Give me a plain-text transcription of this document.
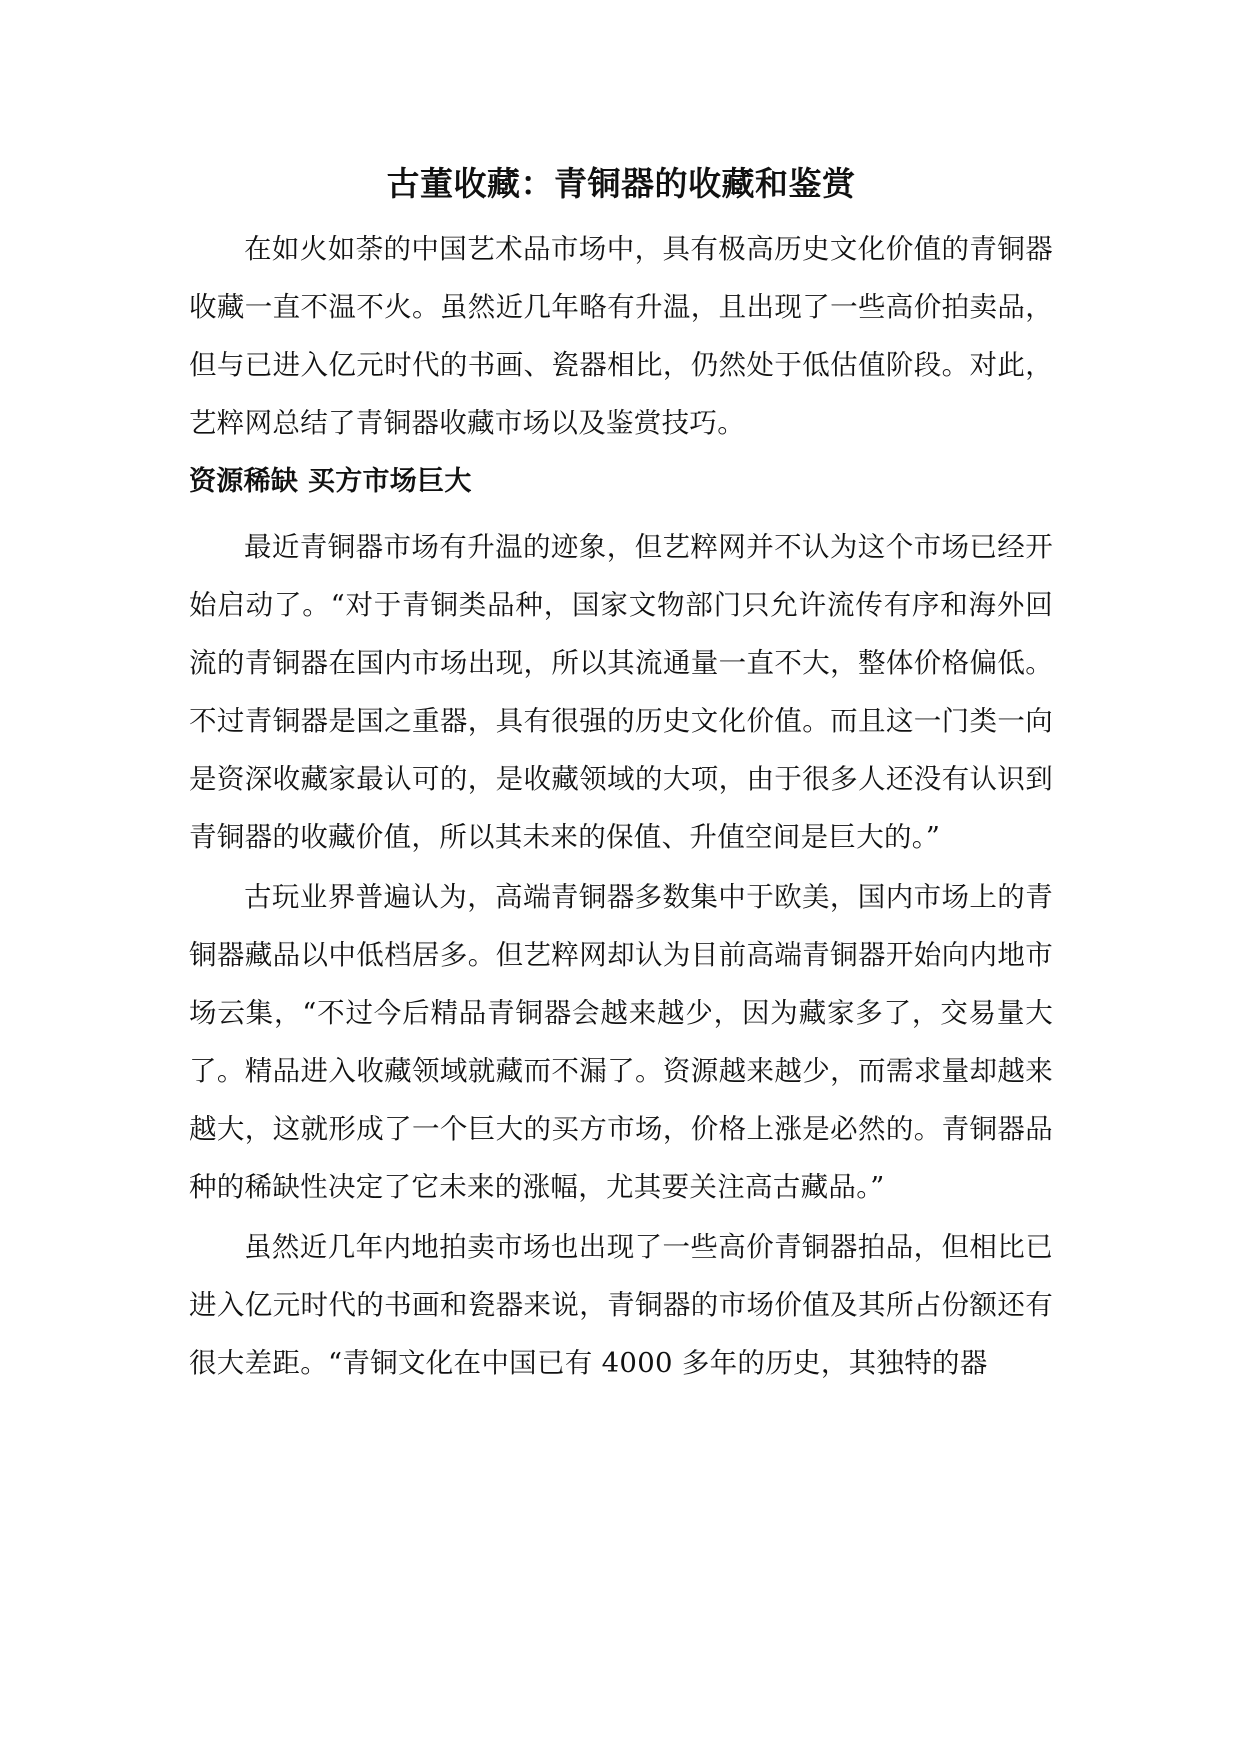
古董收藏：青铜器的收藏和鉴赏

在如火如荼的中国艺术品市场中，具有极高历史文化价值的青铜器收藏一直不温不火。虽然近几年略有升温，且出现了一些高价拍卖品，但与已进入亿元时代的书画、瓷器相比，仍然处于低估值阶段。对此，艺粹网总结了青铜器收藏市场以及鉴赏技巧。

资源稀缺 买方市场巨大

最近青铜器市场有升温的迹象，但艺粹网并不认为这个市场已经开始启动了。“对于青铜类品种，国家文物部门只允许流传有序和海外回流的青铜器在国内市场出现，所以其流通量一直不大，整体价格偏低。不过青铜器是国之重器，具有很强的历史文化价值。而且这一门类一向是资深收藏家最认可的，是收藏领域的大项，由于很多人还没有认识到青铜器的收藏价值，所以其未来的保值、升值空间是巨大的。”

古玩业界普遍认为，高端青铜器多数集中于欧美，国内市场上的青铜器藏品以中低档居多。但艺粹网却认为目前高端青铜器开始向内地市场云集，“不过今后精品青铜器会越来越少，因为藏家多了，交易量大了。精品进入收藏领域就藏而不漏了。资源越来越少，而需求量却越来越大，这就形成了一个巨大的买方市场，价格上涨是必然的。青铜器品种的稀缺性决定了它未来的涨幅，尤其要关注高古藏品。”

虽然近几年内地拍卖市场也出现了一些高价青铜器拍品，但相比已进入亿元时代的书画和瓷器来说，青铜器的市场价值及其所占份额还有很大差距。“青铜文化在中国已有 4000 多年的历史，其独特的器
